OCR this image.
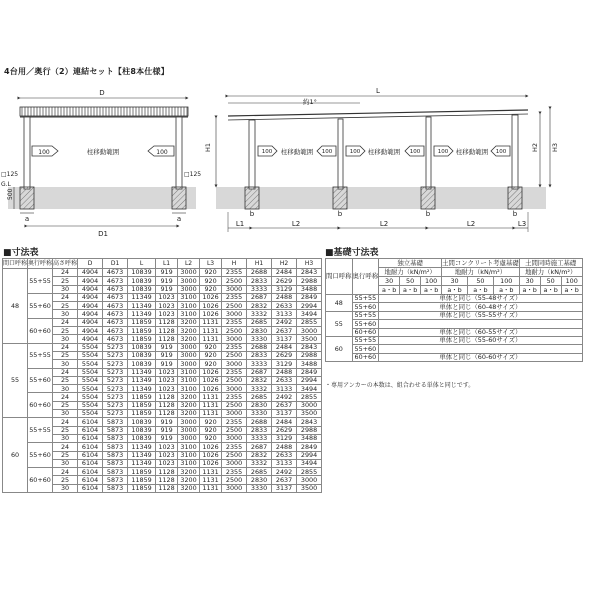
4台用／奥行（2）連結セット【柱8本仕様】
D
D1
a	a
100	100
柱移動範囲
□125	□125
G.L
500
L
約1°
H1	H2 H3
L1	L2	L2	L2	L3
b	b	b	b
柱移動範囲	柱移動範囲	柱移動範囲
100	100	100	100	100	100
■寸法表
間口呼称	奥行呼称	高さ呼称	D	D1	L	L1	L2	L3	H	H1	H2	H3
48	55+55	24	4904	4673	10839	919	3000	920	2355	2688	2484	2843
		25	4904	4673	10839	919	3000	920	2500	2833	2629	2988
		30	4904	4673	10839	919	3000	920	3000	3333	3129	3488
	55+60	24	4904	4673	11349	1023	3100	1026	2355	2687	2488	2849
		25	4904	4673	11349	1023	3100	1026	2500	2832	2633	2994
		30	4904	4673	11349	1023	3100	1026	3000	3332	3133	3494
	60+60	24	4904	4673	11859	1128	3200	1131	2355	2685	2492	2855
		25	4904	4673	11859	1128	3200	1131	2500	2830	2637	3000
		30	4904	4673	11859	1128	3200	1131	3000	3330	3137	3500
55	55+55	24	5504	5273	10839	919	3000	920	2355	2688	2484	2843
		25	5504	5273	10839	919	3000	920	2500	2833	2629	2988
		30	5504	5273	10839	919	3000	920	3000	3333	3129	3488
	55+60	24	5504	5273	11349	1023	3100	1026	2355	2687	2488	2849
		25	5504	5273	11349	1023	3100	1026	2500	2832	2633	2994
		30	5504	5273	11349	1023	3100	1026	3000	3332	3133	3494
	60+60	24	5504	5273	11859	1128	3200	1131	2355	2685	2492	2855
		25	5504	5273	11859	1128	3200	1131	2500	2830	2637	3000
		30	5504	5273	11859	1128	3200	1131	3000	3330	3137	3500
60	55+55	24	6104	5873	10839	919	3000	920	2355	2688	2484	2843
		25	6104	5873	10839	919	3000	920	2500	2833	2629	2988
		30	6104	5873	10839	919	3000	920	3000	3333	3129	3488
	55+60	24	6104	5873	11349	1023	3100	1026	2355	2687	2488	2849
		25	6104	5873	11349	1023	3100	1026	2500	2832	2633	2994
		30	6104	5873	11349	1023	3100	1026	3000	3332	3133	3494
	60+60	24	6104	5873	11859	1128	3200	1131	2355	2685	2492	2855
		25	6104	5873	11859	1128	3200	1131	2500	2830	2637	3000
		30	6104	5873	11859	1128	3200	1131	3000	3330	3137	3500
■基礎寸法表
間口呼称	奥行呼称	独立基礎			土間コンクリート考慮基礎			土間同時施工基礎		
		地耐力（kN/m²）			地耐力（kN/m²）			地耐力（kN/m²）		
		30	50	100	30	50	100	30	50	100
		a・b	a・b	a・b	a・b	a・b	a・b	a・b	a・b	a・b
48	55+55	単体と同じ（55-48サイズ）								

	55+60	単体と同じ（60-48サイズ）								

55	55+55	単体と同じ（55-55サイズ）								

	55+60									

	60+60	単体と同じ（60-55サイズ）								

60	55+55	単体と同じ（55-60サイズ）								

	55+60									

	60+60	単体と同じ（60-60サイズ）								

・専用アンカーの本数は、組合わせる単体と同じです。
